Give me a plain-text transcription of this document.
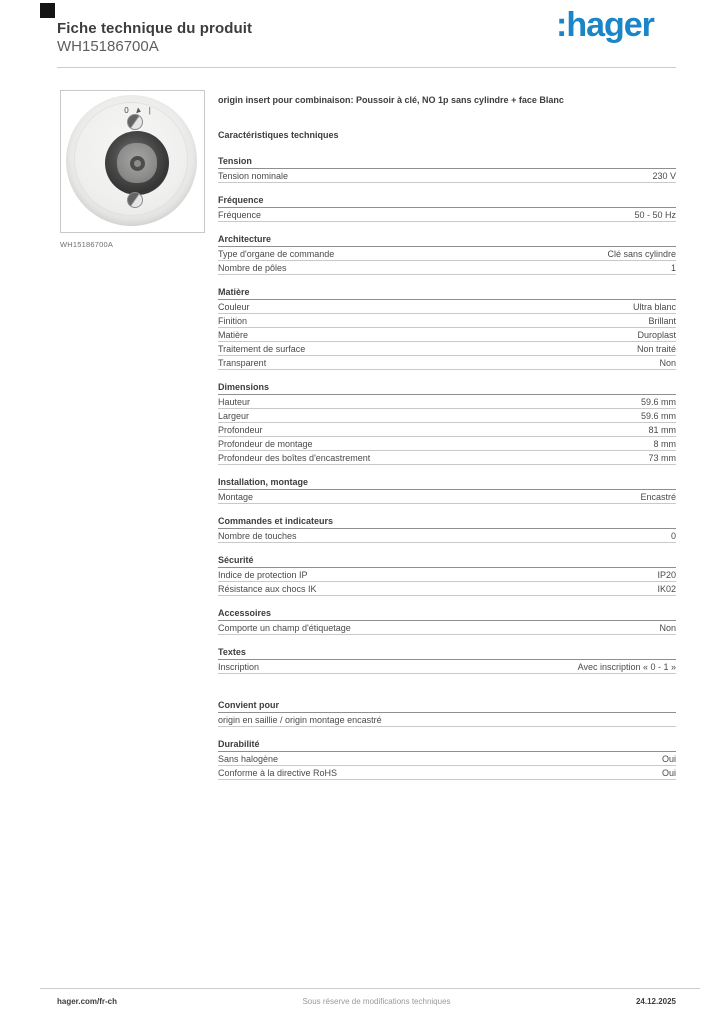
Fiche technique du produit
WH15186700A
:hager
0	|
WH15186700A
origin insert pour combinaison: Poussoir à clé, NO 1p sans cylindre + face Blanc
Caractéristiques techniques
Tension
Tension nominale	230 V
Fréquence
Fréquence	50 - 50 Hz
Architecture
Type d'organe de commande	Clé sans cylindre
Nombre de pôles	1
Matière
Couleur	Ultra blanc
Finition	Brillant
Matière	Duroplast
Traitement de surface	Non traité
Transparent	Non
Dimensions
Hauteur	59.6 mm
Largeur	59.6 mm
Profondeur	81 mm
Profondeur de montage	8 mm
Profondeur des boîtes d'encastrement	73 mm
Installation, montage
Montage	Encastré
Commandes et indicateurs
Nombre de touches	0
Sécurité
Indice de protection IP	IP20
Résistance aux chocs IK	IK02
Accessoires
Comporte un champ d'étiquetage	Non
Textes
Inscription	Avec inscription « 0 - 1 »
Convient pour
origin en saillie / origin montage encastré
Durabilité
Sans halogène	Oui
Conforme à la directive RoHS	Oui
hager.com/fr-ch	Sous réserve de modifications techniques	24.12.2025
